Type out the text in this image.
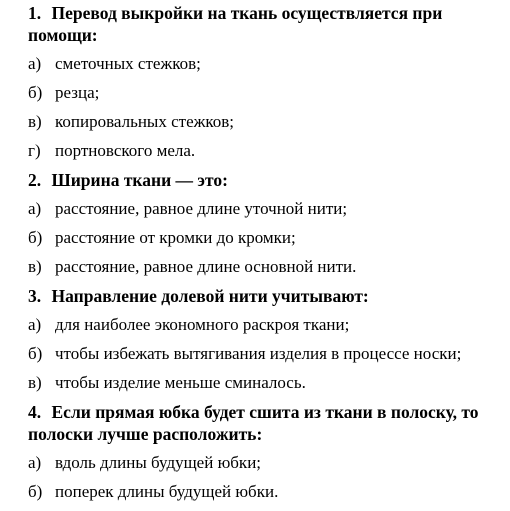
1. Перевод выкройки на ткань осуществляется при
помощи:
а) сметочных стежков;
б) резца;
в) копировальных стежков;
г) портновского мела.
2. Ширина ткани — это:
а) расстояние, равное длине уточной нити;
б) расстояние от кромки до кромки;
в) расстояние, равное длине основной нити.
3. Направление долевой нити учитывают:
а) для наиболее экономного раскроя ткани;
б) чтобы избежать вытягивания изделия в процессе носки;
в) чтобы изделие меньше сминалось.
4. Если прямая юбка будет сшита из ткани в полоску, то
полоски лучше расположить:
а) вдоль длины будущей юбки;
б) поперек длины будущей юбки.
